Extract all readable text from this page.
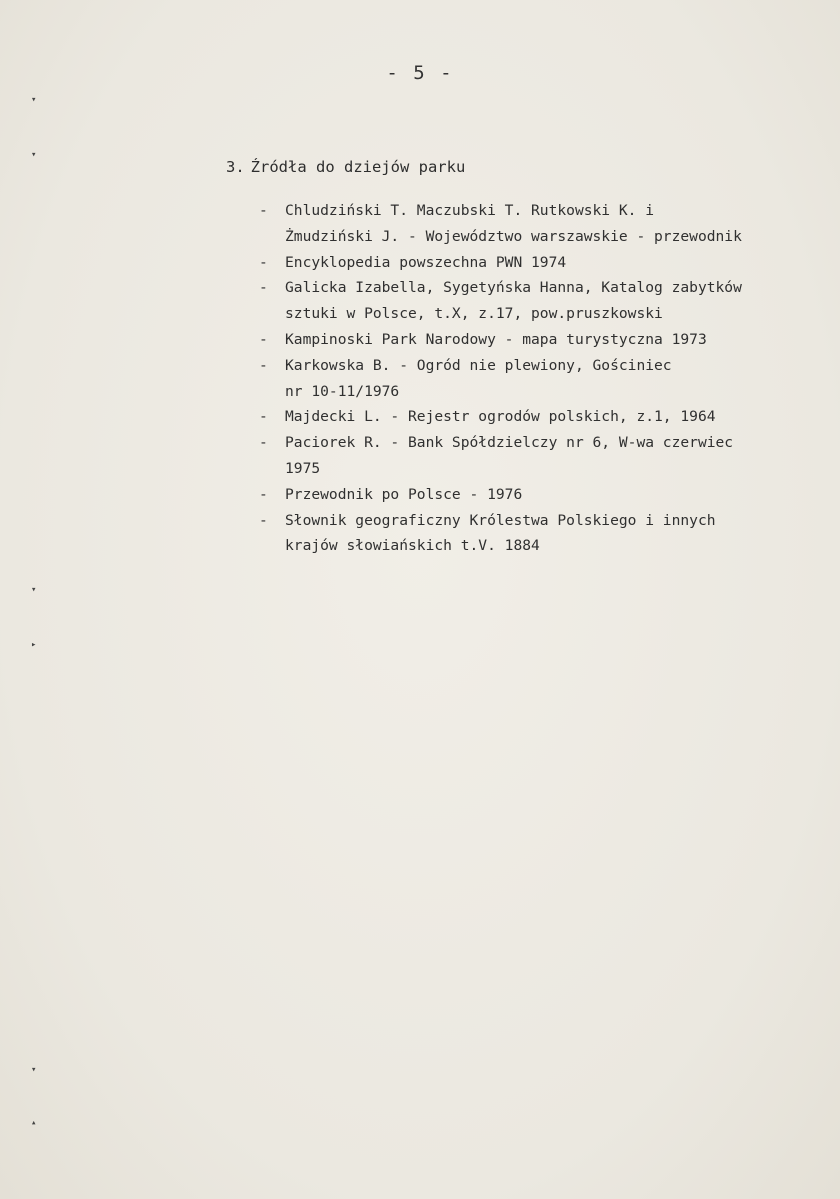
- 5 -
3. Źródła do dziejów parku
-	Chludziński T. Maczubski T. Rutkowski K. i
Żmudziński J. - Województwo warszawskie - przewodnik
-	Encyklopedia powszechna PWN 1974
-	Galicka Izabella, Sygetyńska Hanna, Katalog zabytków
sztuki w Polsce, t.X, z.17, pow.pruszkowski
-	Kampinoski Park Narodowy - mapa turystyczna 1973
-	Karkowska B. - Ogród nie plewiony, Gościniec
nr 10-11/1976
-	Majdecki L. - Rejestr ogrodów polskich, z.1, 1964
-	Paciorek R. - Bank Spółdzielczy nr 6, W-wa czerwiec
1975
-	Przewodnik po Polsce - 1976
-	Słownik geograficzny Królestwa Polskiego i innych
krajów słowiańskich t.V. 1884
▾
▾
▾
▸
▾
▴
